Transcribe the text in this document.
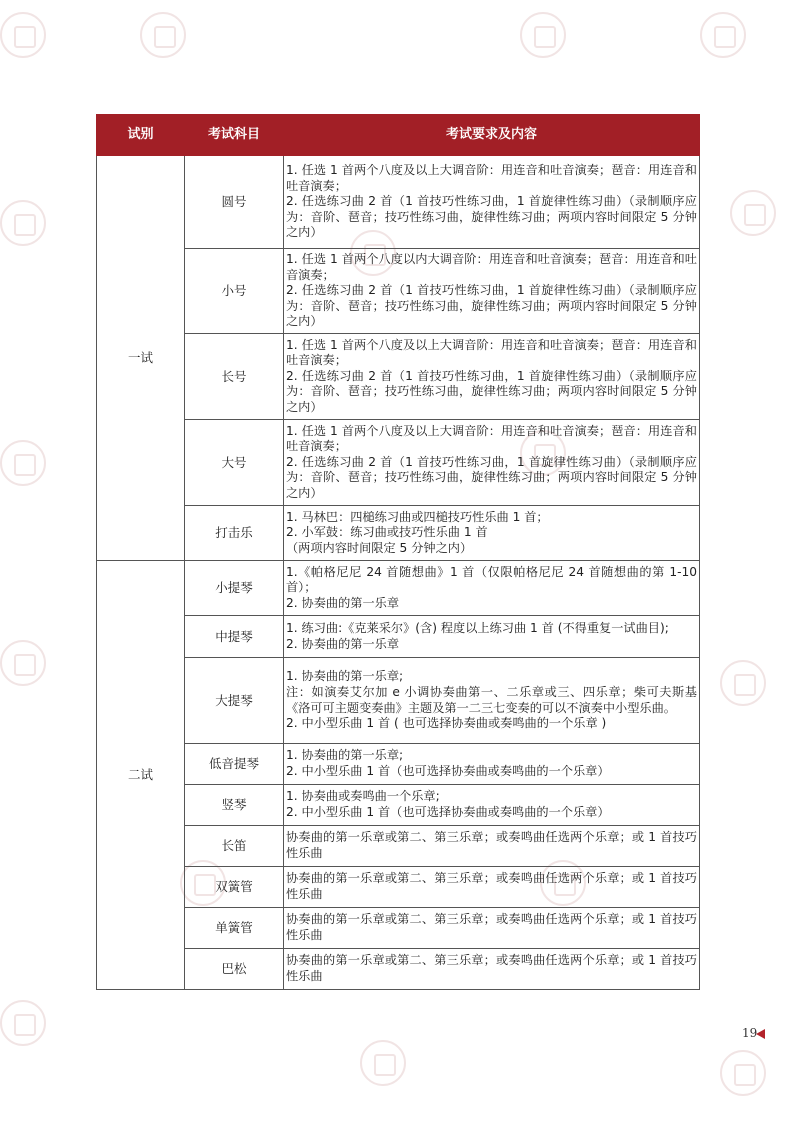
试别	考试科目	考试要求及内容
一试	圆号	1. 任选 1 首两个八度及以上大调音阶：用连音和吐音演奏；琶音：用连音和吐音演奏；
2. 任选练习曲 2 首（1 首技巧性练习曲，1 首旋律性练习曲）（录制顺序应为：音阶、琶音；技巧性练习曲，旋律性练习曲；两项内容时间限定 5 分钟之内）

	小号	1. 任选 1 首两个八度以内大调音阶：用连音和吐音演奏；琶音：用连音和吐音演奏；
2. 任选练习曲 2 首（1 首技巧性练习曲，1 首旋律性练习曲）（录制顺序应为：音阶、琶音；技巧性练习曲，旋律性练习曲；两项内容时间限定 5 分钟之内）

	长号	1. 任选 1 首两个八度及以上大调音阶：用连音和吐音演奏；琶音：用连音和吐音演奏；
2. 任选练习曲 2 首（1 首技巧性练习曲，1 首旋律性练习曲）（录制顺序应为：音阶、琶音；技巧性练习曲，旋律性练习曲；两项内容时间限定 5 分钟之内）

	大号	1. 任选 1 首两个八度及以上大调音阶：用连音和吐音演奏；琶音：用连音和吐音演奏；
2. 任选练习曲 2 首（1 首技巧性练习曲，1 首旋律性练习曲）（录制顺序应为：音阶、琶音；技巧性练习曲，旋律性练习曲；两项内容时间限定 5 分钟之内）

	打击乐	1. 马林巴：四槌练习曲或四槌技巧性乐曲 1 首；
2. 小军鼓：练习曲或技巧性乐曲 1 首
（两项内容时间限定 5 分钟之内）

二试	小提琴	1.《帕格尼尼 24 首随想曲》1 首（仅限帕格尼尼 24 首随想曲的第 1-10 首）；
2. 协奏曲的第一乐章

	中提琴	1. 练习曲:《克莱采尔》(含) 程度以上练习曲 1 首 (不得重复一试曲目);
2. 协奏曲的第一乐章

	大提琴	1. 协奏曲的第一乐章;
注：如演奏艾尔加 e 小调协奏曲第一、二乐章或三、四乐章；柴可夫斯基《洛可可主题变奏曲》主题及第一二三七变奏的可以不演奏中小型乐曲。
2. 中小型乐曲 1 首 ( 也可选择协奏曲或奏鸣曲的一个乐章 )

	低音提琴	1. 协奏曲的第一乐章;
2. 中小型乐曲 1 首（也可选择协奏曲或奏鸣曲的一个乐章）

	竖琴	1. 协奏曲或奏鸣曲一个乐章;
2. 中小型乐曲 1 首（也可选择协奏曲或奏鸣曲的一个乐章）

	长笛	协奏曲的第一乐章或第二、第三乐章；或奏鸣曲任选两个乐章；或 1 首技巧性乐曲

	双簧管	协奏曲的第一乐章或第二、第三乐章；或奏鸣曲任选两个乐章；或 1 首技巧性乐曲

	单簧管	协奏曲的第一乐章或第二、第三乐章；或奏鸣曲任选两个乐章；或 1 首技巧性乐曲

	巴松	协奏曲的第一乐章或第二、第三乐章；或奏鸣曲任选两个乐章；或 1 首技巧性乐曲
19
